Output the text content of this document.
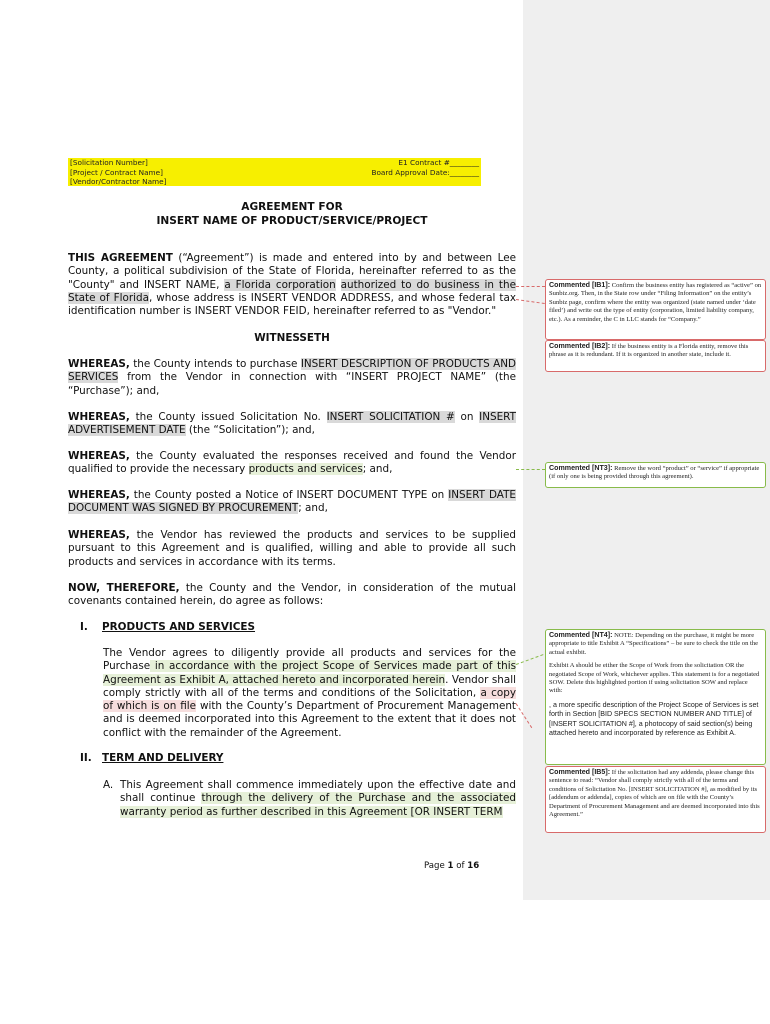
[Solicitation Number]
[Project / Contract Name]
[Vendor/Contractor Name]
E1 Contract #________
Board Approval Date:________
AGREEMENT FOR
INSERT NAME OF PRODUCT/SERVICE/PROJECT
THIS AGREEMENT (“Agreement”) is made and entered into by and between Lee County, a political subdivision of the State of Florida, hereinafter referred to as the "County" and INSERT NAME, a Florida corporation authorized to do business in the State of Florida, whose address is INSERT VENDOR ADDRESS, and whose federal tax identification number is INSERT VENDOR FEID, hereinafter referred to as "Vendor."
WITNESSETH
WHEREAS, the County intends to purchase INSERT DESCRIPTION OF PRODUCTS AND SERVICES from the Vendor in connection with “INSERT PROJECT NAME” (the “Purchase”); and,
WHEREAS, the County issued Solicitation No. INSERT SOLICITATION # on INSERT ADVERTISEMENT DATE (the “Solicitation”); and,
WHEREAS, the County evaluated the responses received and found the Vendor qualified to provide the necessary products and services; and,
WHEREAS, the County posted a Notice of INSERT DOCUMENT TYPE on INSERT DATE DOCUMENT WAS SIGNED BY PROCUREMENT; and,
WHEREAS, the Vendor has reviewed the products and services to be supplied pursuant to this Agreement and is qualified, willing and able to provide all such products and services in accordance with its terms.
NOW, THEREFORE, the County and the Vendor, in consideration of the mutual covenants contained herein, do agree as follows:
I. PRODUCTS AND SERVICES
The Vendor agrees to diligently provide all products and services for the Purchase in accordance with the project Scope of Services made part of this Agreement as Exhibit A, attached hereto and incorporated herein. Vendor shall comply strictly with all of the terms and conditions of the Solicitation, a copy of which is on file with the County’s Department of Procurement Management and is deemed incorporated into this Agreement to the extent that it does not conflict with the remainder of the Agreement.
II. TERM AND DELIVERY
A. This Agreement shall commence immediately upon the effective date and shall continue through the delivery of the Purchase and the associated warranty period as further described in this Agreement [OR INSERT TERM
Page 1 of 16
Commented [IB1]: Confirm the business entity has registered as “active” on Sunbiz.org. Then, in the State row under “Filing Information” on the entity’s Sunbiz page, confirm where the entity was organized (state named under ‘date filed’) and write out the type of entity (corporation, limited liability company, etc.). As a reminder, the C in LLC stands for “Company.”
Commented [IB2]: If the business entity is a Florida entity, remove this phrase as it is redundant. If it is organized in another state, include it.
Commented [NT3]: Remove the word “product” or “service” if appropriate (if only one is being provided through this agreement).
Commented [NT4]: NOTE: Depending on the purchase, it might be more appropriate to title Exhibit A “Specifications” – be sure to check the title on the actual exhibit.
Exhibit A should be either the Scope of Work from the solicitation OR the negotiated Scope of Work, whichever applies. This statement is for a negotiated SOW. Delete this highlighted portion if using solicitation SOW and replace with:
, a more specific description of the Project Scope of Services is set forth in Section [BID SPECS SECTION NUMBER AND TITLE] of [INSERT SOLICITATION #], a photocopy of said section(s) being attached hereto and incorporated by reference as Exhibit A.
Commented [IB5]: If the solicitation had any addenda, please change this sentence to read: “Vendor shall comply strictly with all of the terms and conditions of Solicitation No. [INSERT SOLICITATION #], as modified by its [addendum or addenda], copies of which are on file with the County’s Department of Procurement Management and are deemed incorporated into this Agreement.”
